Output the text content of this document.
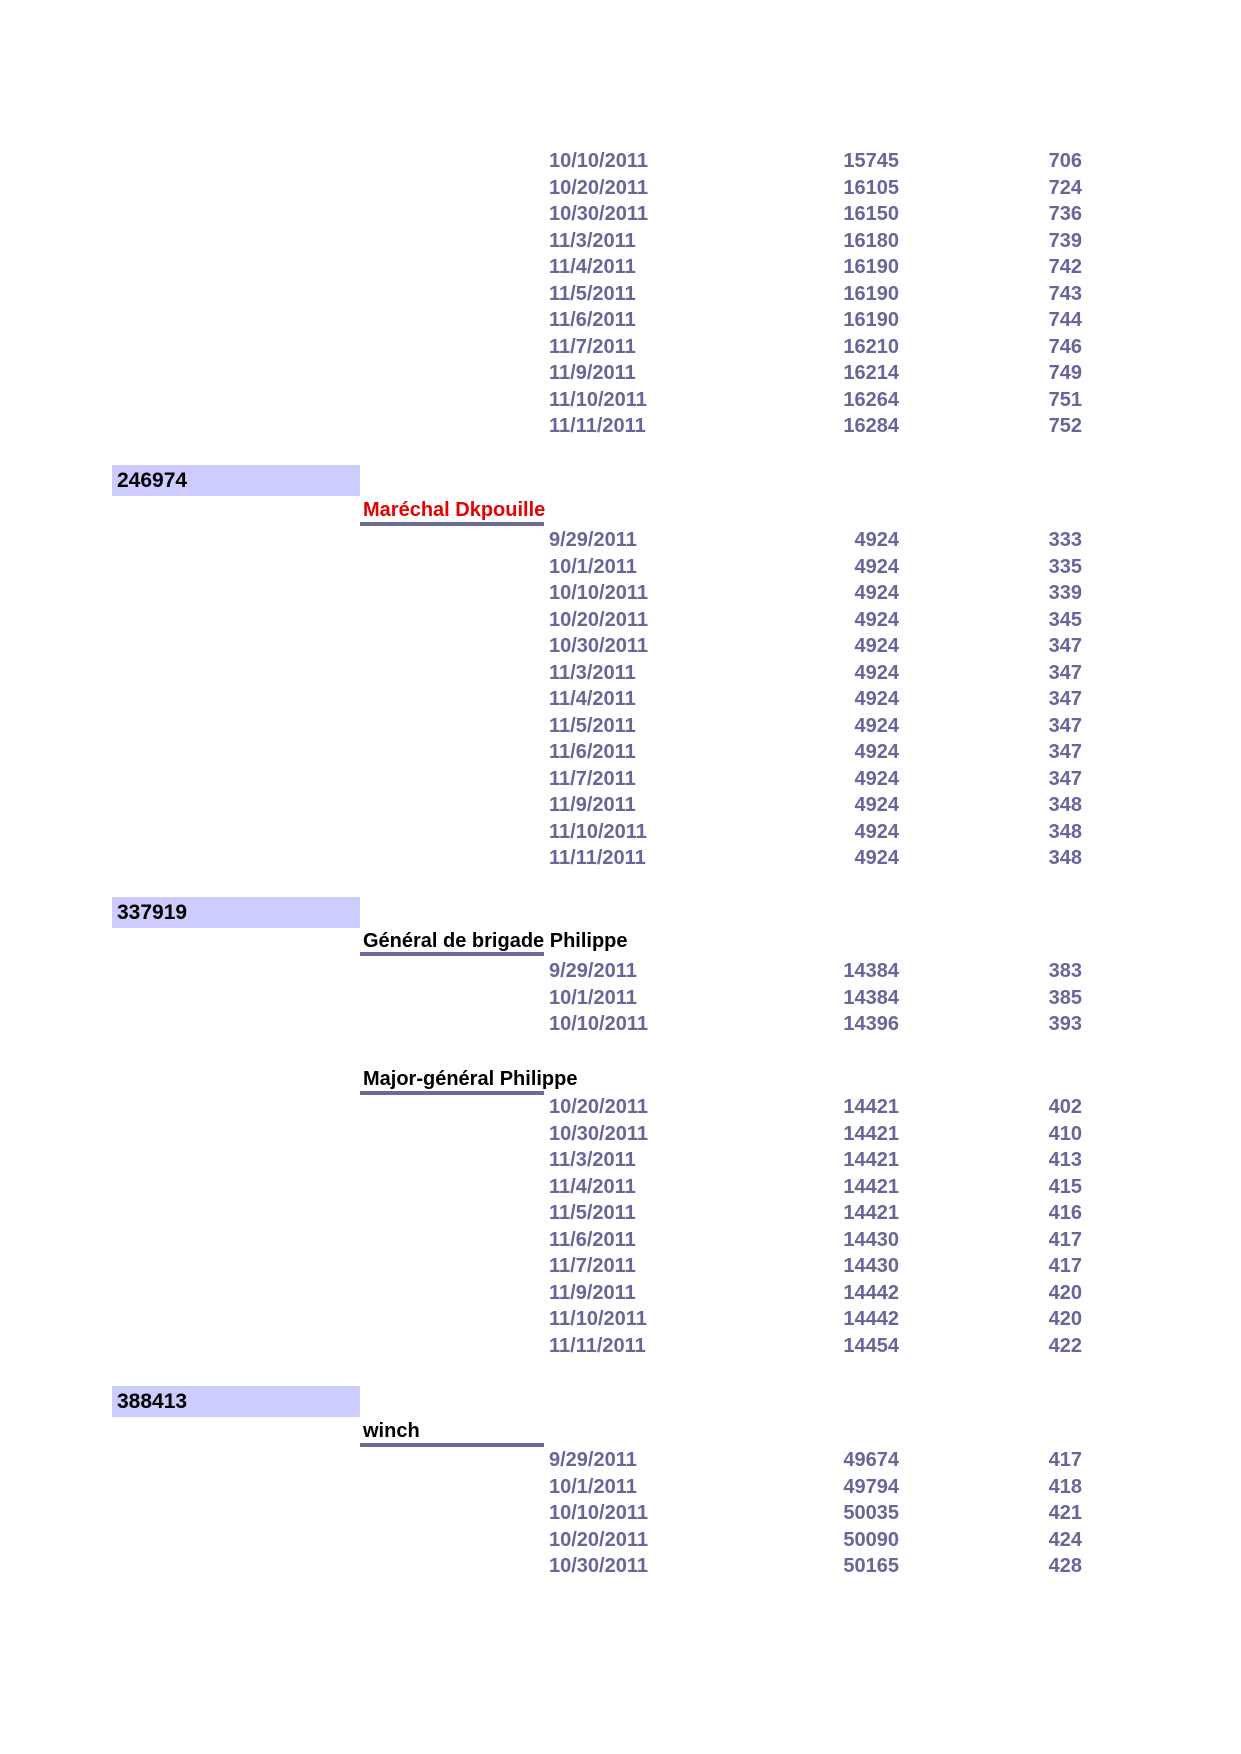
10/10/2011	15745	706
10/20/2011	16105	724
10/30/2011	16150	736
11/3/2011	16180	739
11/4/2011	16190	742
11/5/2011	16190	743
11/6/2011	16190	744
11/7/2011	16210	746
11/9/2011	16214	749
11/10/2011	16264	751
11/11/2011	16284	752
246974
Maréchal Dkpouille
9/29/2011	4924	333
10/1/2011	4924	335
10/10/2011	4924	339
10/20/2011	4924	345
10/30/2011	4924	347
11/3/2011	4924	347
11/4/2011	4924	347
11/5/2011	4924	347
11/6/2011	4924	347
11/7/2011	4924	347
11/9/2011	4924	348
11/10/2011	4924	348
11/11/2011	4924	348
337919
Général de brigade Philippe
9/29/2011	14384	383
10/1/2011	14384	385
10/10/2011	14396	393
Major-général Philippe
10/20/2011	14421	402
10/30/2011	14421	410
11/3/2011	14421	413
11/4/2011	14421	415
11/5/2011	14421	416
11/6/2011	14430	417
11/7/2011	14430	417
11/9/2011	14442	420
11/10/2011	14442	420
11/11/2011	14454	422
388413
winch
9/29/2011	49674	417
10/1/2011	49794	418
10/10/2011	50035	421
10/20/2011	50090	424
10/30/2011	50165	428
